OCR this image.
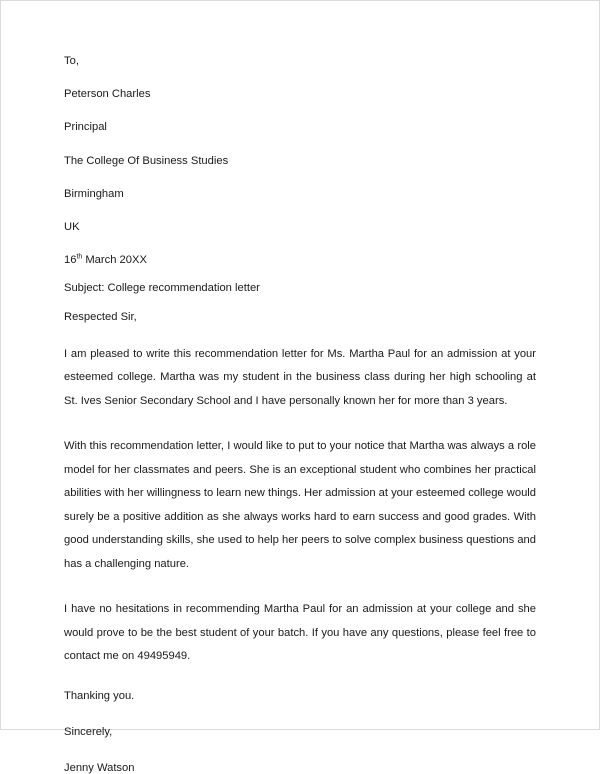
To,
Peterson Charles
Principal
The College Of Business Studies
Birmingham
UK
16th March 20XX
Subject: College recommendation letter
Respected Sir,

I am pleased to write this recommendation letter for Ms. Martha Paul for an admission at your esteemed college. Martha was my student in the business class during her high schooling at St. Ives Senior Secondary School and I have personally known her for more than 3 years.

With this recommendation letter, I would like to put to your notice that Martha was always a role model for her classmates and peers. She is an exceptional student who combines her practical abilities with her willingness to learn new things. Her admission at your esteemed college would surely be a positive addition as she always works hard to earn success and good grades. With good understanding skills, she used to help her peers to solve complex business questions and has a challenging nature.

I have no hesitations in recommending Martha Paul for an admission at your college and she would prove to be the best student of your batch. If you have any questions, please feel free to contact me on 49495949.

Thanking you.
Sincerely,
Jenny Watson
